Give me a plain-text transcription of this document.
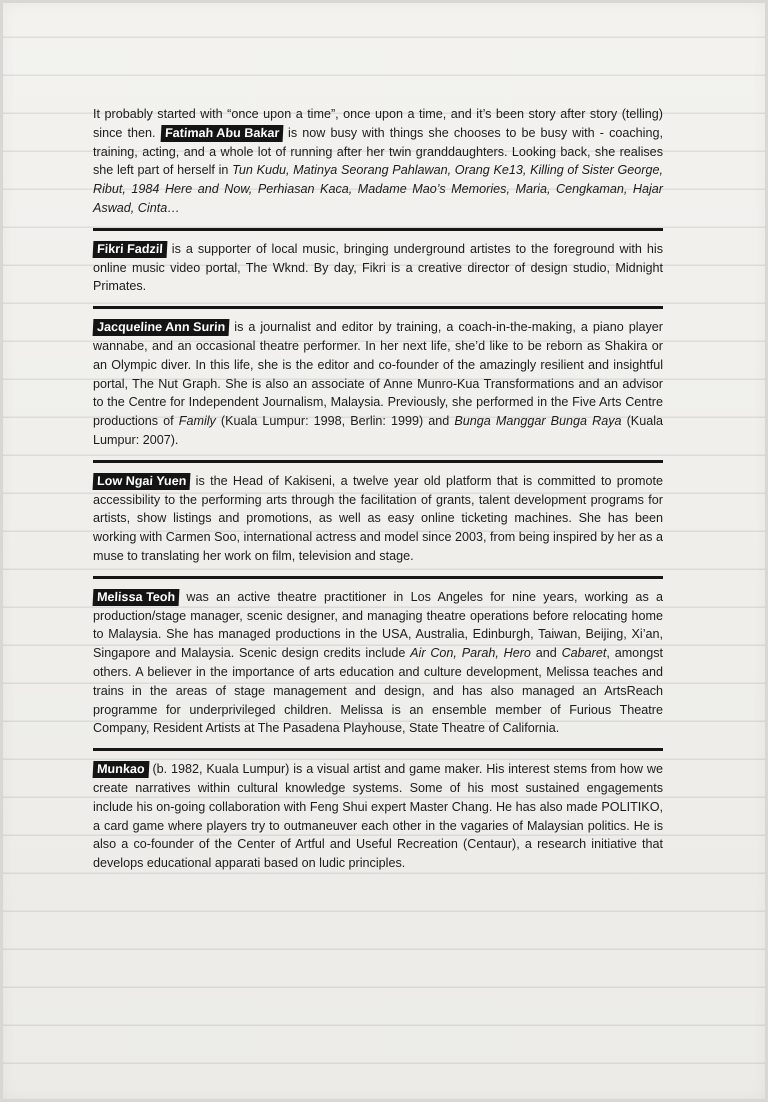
It probably started with “once upon a time”, once upon a time, and it’s been story after story (telling) since then. Fatimah Abu Bakar is now busy with things she chooses to be busy with - coaching, training, acting, and a whole lot of running after her twin granddaughters. Looking back, she realises she left part of herself in Tun Kudu, Matinya Seorang Pahlawan, Orang Ke13, Killing of Sister George, Ribut, 1984 Here and Now, Perhiasan Kaca, Madame Mao’s Memories, Maria, Cengkaman, Hajar Aswad, Cinta…

Fikri Fadzil is a supporter of local music, bringing underground artistes to the foreground with his online music video portal, The Wknd. By day, Fikri is a creative director of design studio, Midnight Primates.

Jacqueline Ann Surin is a journalist and editor by training, a coach-in-the-making, a piano player wannabe, and an occasional theatre performer. In her next life, she’d like to be reborn as Shakira or an Olympic diver. In this life, she is the editor and co-founder of the amazingly resilient and insightful portal, The Nut Graph. She is also an associate of Anne Munro-Kua Transformations and an advisor to the Centre for Independent Journalism, Malaysia. Previously, she performed in the Five Arts Centre productions of Family (Kuala Lumpur: 1998, Berlin: 1999) and Bunga Manggar Bunga Raya (Kuala Lumpur: 2007).

Low Ngai Yuen is the Head of Kakiseni, a twelve year old platform that is committed to promote accessibility to the performing arts through the facilitation of grants, talent development programs for artists, show listings and promotions, as well as easy online ticketing machines. She has been working with Carmen Soo, international actress and model since 2003, from being inspired by her as a muse to translating her work on film, television and stage.

Melissa Teoh was an active theatre practitioner in Los Angeles for nine years, working as a production/stage manager, scenic designer, and managing theatre operations before relocating home to Malaysia. She has managed productions in the USA, Australia, Edinburgh, Taiwan, Beijing, Xi’an, Singapore and Malaysia. Scenic design credits include Air Con, Parah, Hero and Cabaret, amongst others. A believer in the importance of arts education and culture development, Melissa teaches and trains in the areas of stage management and design, and has also managed an ArtsReach programme for underprivileged children. Melissa is an ensemble member of Furious Theatre Company, Resident Artists at The Pasadena Playhouse, State Theatre of California.

Munkao (b. 1982, Kuala Lumpur) is a visual artist and game maker. His interest stems from how we create narratives within cultural knowledge systems. Some of his most sustained engagements include his on-going collaboration with Feng Shui expert Master Chang. He has also made POLITIKO, a card game where players try to outmaneuver each other in the vagaries of Malaysian politics. He is also a co-founder of the Center of Artful and Useful Recreation (Centaur), a research initiative that develops educational apparati based on ludic principles.
